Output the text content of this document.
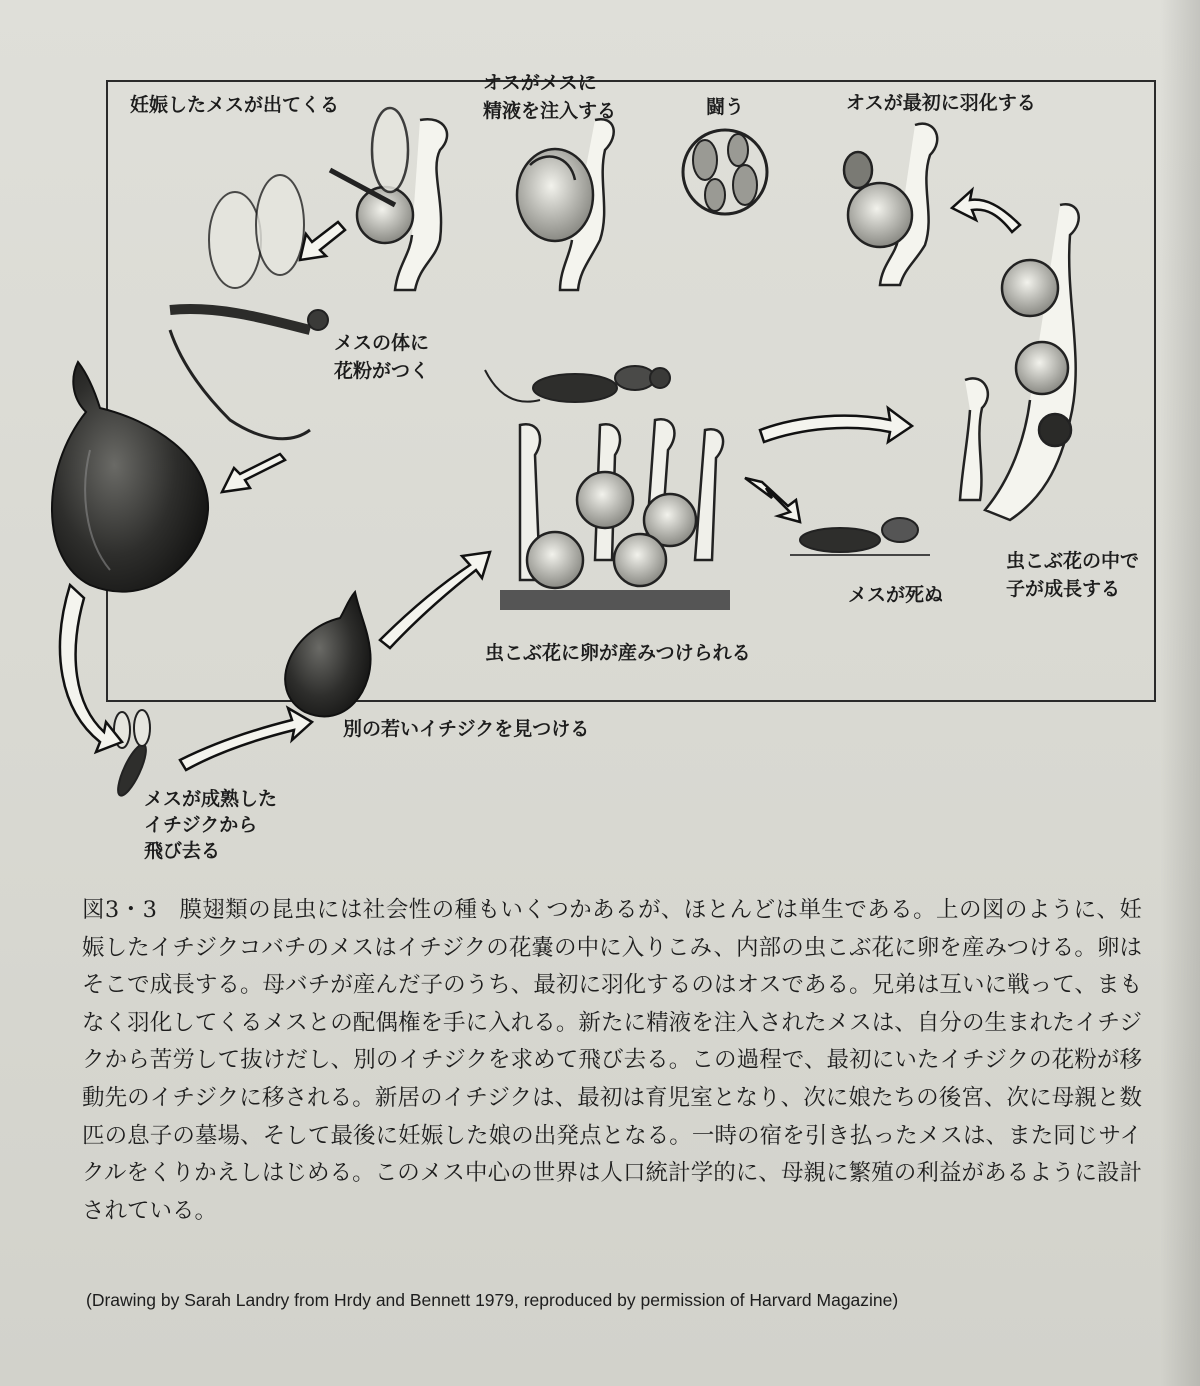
妊娠したメスが出てくる
オスがメスに
精液を注入する	闘う	オスが最初に羽化する
メスの体に
花粉がつく
虫こぶ花の中で
子が成長する
虫こぶ花に卵が産みつけられる
メスが死ぬ
別の若いイチジクを見つける
メスが成熟した
イチジクから
飛び去る
図3・3 膜翅類の昆虫には社会性の種もいくつかあるが、ほとんどは単生である。上の図のように、妊娠したイチジクコバチのメスはイチジクの花嚢の中に入りこみ、内部の虫こぶ花に卵を産みつける。卵はそこで成長する。母バチが産んだ子のうち、最初に羽化するのはオスである。兄弟は互いに戦って、まもなく羽化してくるメスとの配偶権を手に入れる。新たに精液を注入されたメスは、自分の生まれたイチジクから苦労して抜けだし、別のイチジクを求めて飛び去る。この過程で、最初にいたイチジクの花粉が移動先のイチジクに移される。新居のイチジクは、最初は育児室となり、次に娘たちの後宮、次に母親と数匹の息子の墓場、そして最後に妊娠した娘の出発点となる。一時の宿を引き払ったメスは、また同じサイクルをくりかえしはじめる。このメス中心の世界は人口統計学的に、母親に繁殖の利益があるように設計されている。
(Drawing by Sarah Landry from Hrdy and Bennett 1979, reproduced by permission of Harvard Magazine)
